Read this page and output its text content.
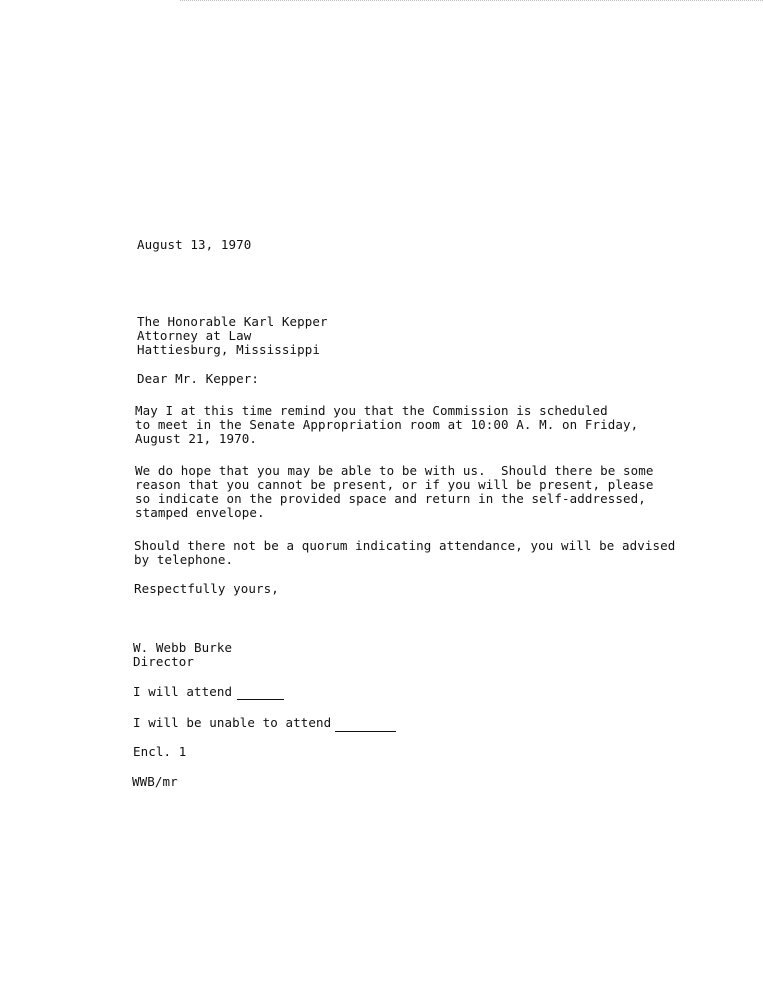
August 13, 1970

The Honorable Karl Kepper

Attorney at Law

Hattiesburg, Mississippi

Dear Mr. Kepper:

May I at this time remind you that the Commission is scheduled

to meet in the Senate Appropriation room at 10:00 A. M. on Friday,

August 21, 1970.

We do hope that you may be able to be with us.  Should there be some

reason that you cannot be present, or if you will be present, please

so indicate on the provided space and return in the self-addressed,

stamped envelope.

Should there not be a quorum indicating attendance, you will be advised

by telephone.

Respectfully yours,

W. Webb Burke

Director

I will attend

I will be unable to attend

Encl. 1

WWB/mr
